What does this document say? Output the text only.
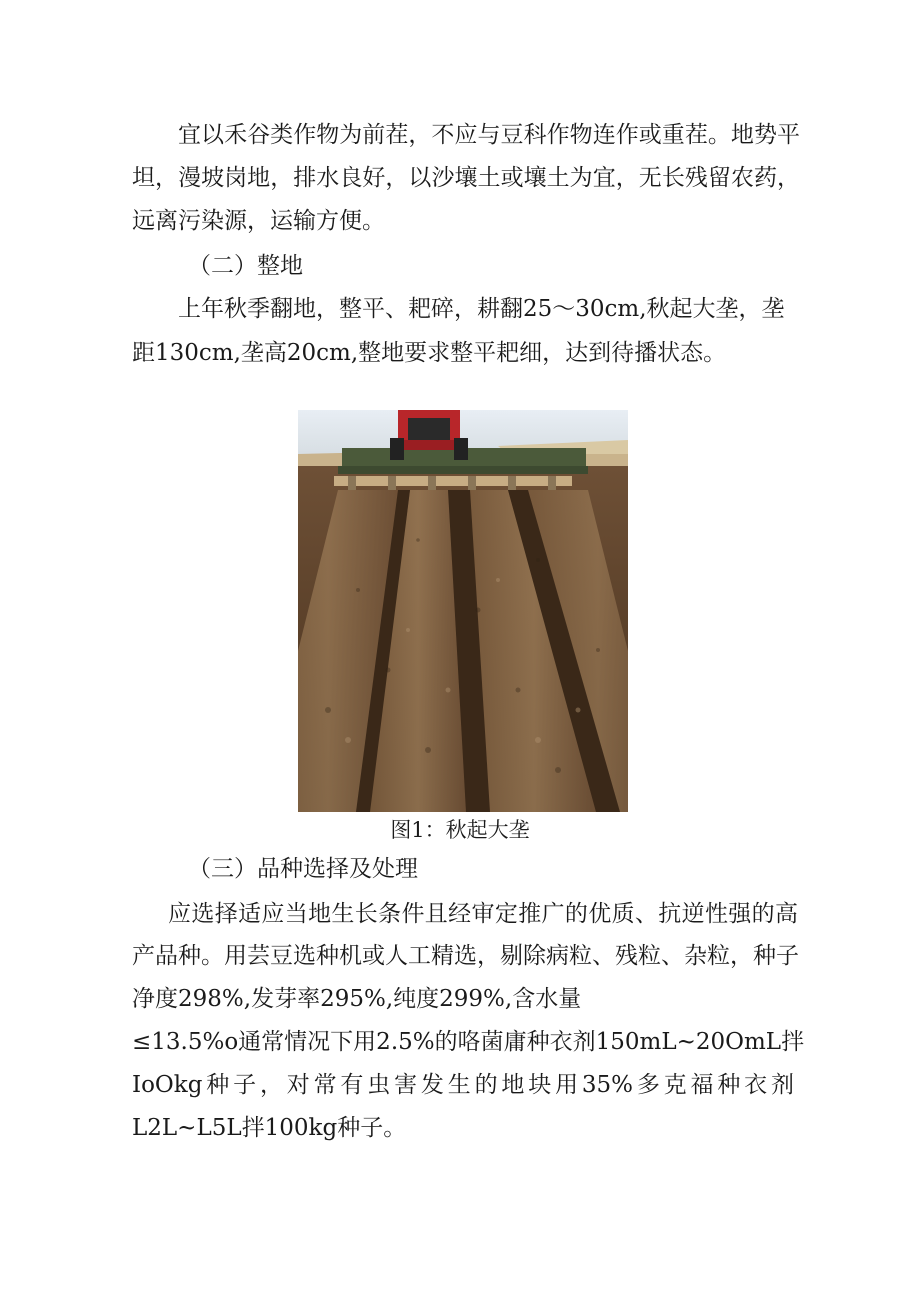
宜以禾谷类作物为前茬，不应与豆科作物连作或重茬。地势平
坦，漫坡岗地，排水良好，以沙壤土或壤土为宜，无长残留农药，
远离污染源，运输方便。
（二）整地
上年秋季翻地，整平、耙碎，耕翻25～30cm,秋起大垄，垄
距130cm,垄高20cm,整地要求整平耙细，达到待播状态。
图1：秋起大垄
（三）品种选择及处理
应选择适应当地生长条件且经审定推广的优质、抗逆性强的高
产品种。用芸豆选种机或人工精选，剔除病粒、残粒、杂粒，种子
净度298%,发芽率295%,纯度299%,含水量
≤13.5%o通常情况下用2.5%的咯菌庸种衣剂150mL~20OmL拌
IoOkg种子，对常有虫害发生的地块用35%多克福种衣剂
L2L~L5L拌100kg种子。
